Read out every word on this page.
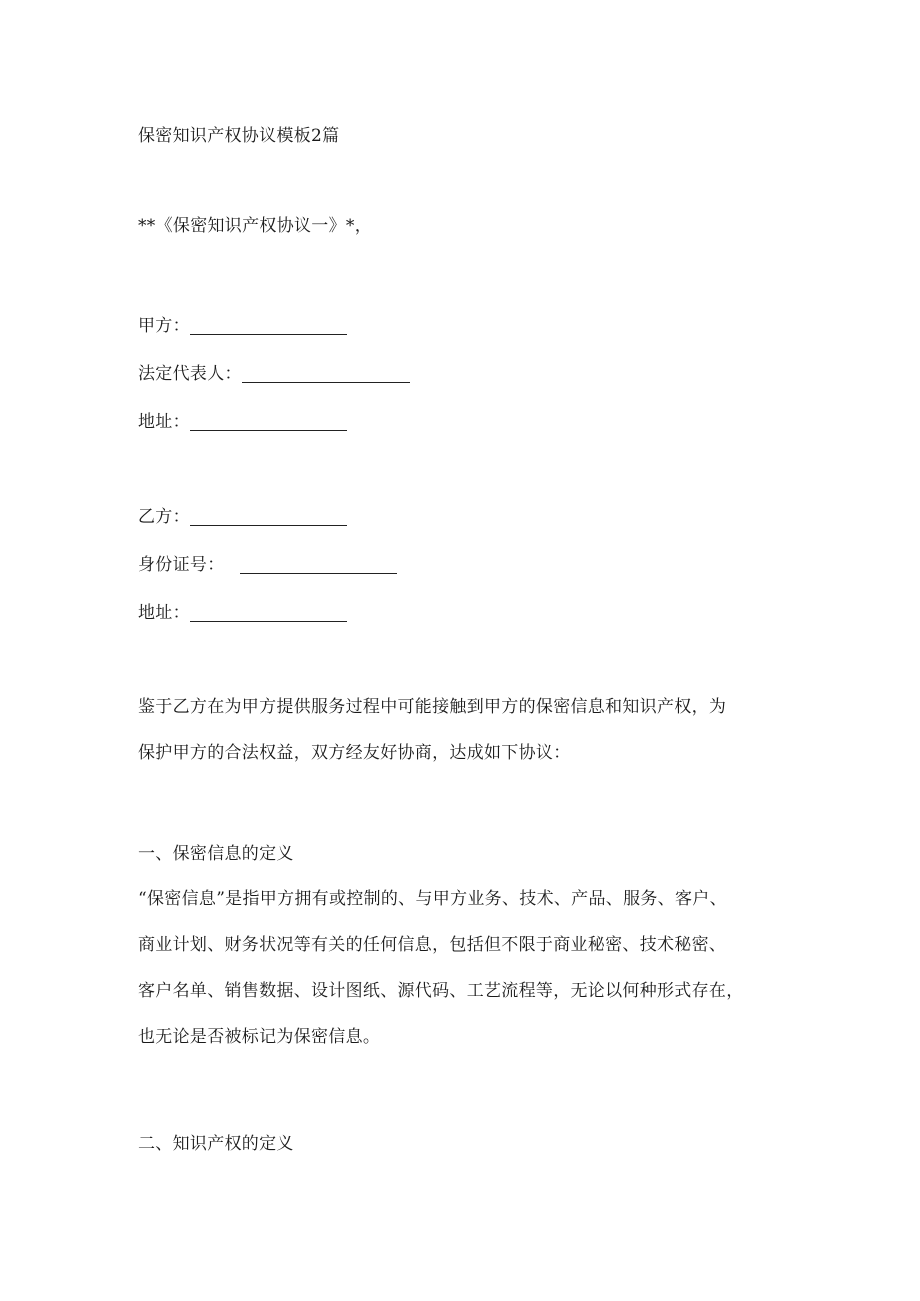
保密知识产权协议模板2篇
**《保密知识产权协议一》*，
甲方：
法定代表人：
地址：
乙方：
身份证号：
地址：
鉴于乙方在为甲方提供服务过程中可能接触到甲方的保密信息和知识产权，为
保护甲方的合法权益，双方经友好协商，达成如下协议：
一、保密信息的定义
“保密信息”是指甲方拥有或控制的、与甲方业务、技术、产品、服务、客户、
商业计划、财务状况等有关的任何信息，包括但不限于商业秘密、技术秘密、
客户名单、销售数据、设计图纸、源代码、工艺流程等，无论以何种形式存在，
也无论是否被标记为保密信息。
二、知识产权的定义
